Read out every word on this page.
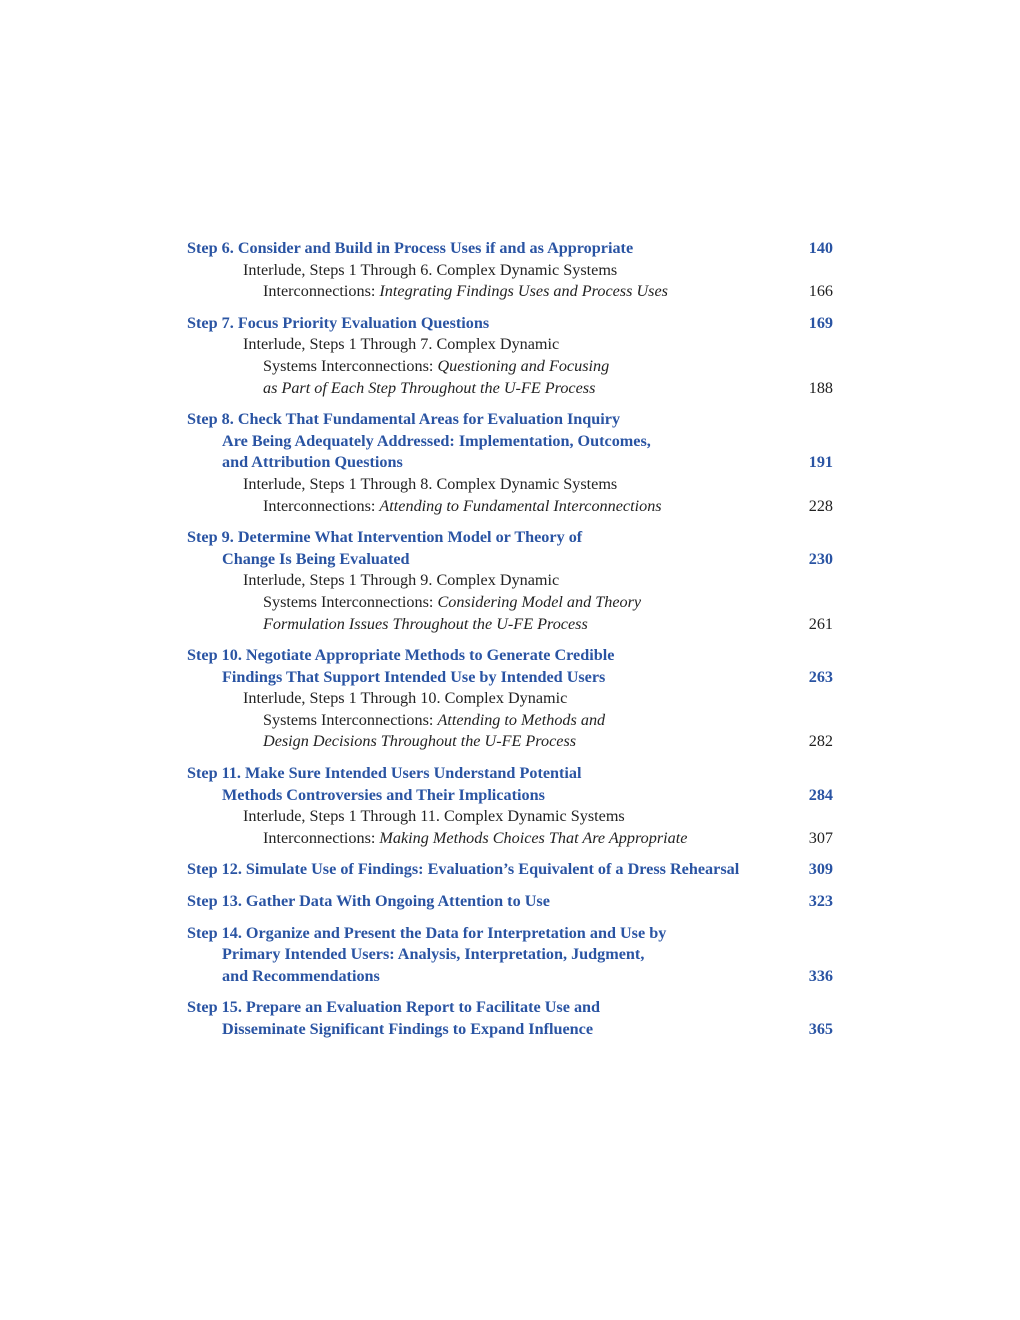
Step 6. Consider and Build in Process Uses if and as Appropriate	140
Interlude, Steps 1 Through 6. Complex Dynamic Systems
Interconnections: Integrating Findings Uses and Process Uses	166
Step 7. Focus Priority Evaluation Questions	169
Interlude, Steps 1 Through 7. Complex Dynamic
Systems Interconnections: Questioning and Focusing
as Part of Each Step Throughout the U-FE Process	188
Step 8. Check That Fundamental Areas for Evaluation Inquiry
Are Being Adequately Addressed: Implementation, Outcomes,
and Attribution Questions	191
Interlude, Steps 1 Through 8. Complex Dynamic Systems
Interconnections: Attending to Fundamental Interconnections	228
Step 9. Determine What Intervention Model or Theory of
Change Is Being Evaluated	230
Interlude, Steps 1 Through 9. Complex Dynamic
Systems Interconnections: Considering Model and Theory
Formulation Issues Throughout the U-FE Process	261
Step 10. Negotiate Appropriate Methods to Generate Credible
Findings That Support Intended Use by Intended Users	263
Interlude, Steps 1 Through 10. Complex Dynamic
Systems Interconnections: Attending to Methods and
Design Decisions Throughout the U-FE Process	282
Step 11. Make Sure Intended Users Understand Potential
Methods Controversies and Their Implications	284
Interlude, Steps 1 Through 11. Complex Dynamic Systems
Interconnections: Making Methods Choices That Are Appropriate	307
Step 12. Simulate Use of Findings: Evaluation’s Equivalent of a Dress Rehearsal	309
Step 13. Gather Data With Ongoing Attention to Use	323
Step 14. Organize and Present the Data for Interpretation and Use by
Primary Intended Users: Analysis, Interpretation, Judgment,
and Recommendations	336
Step 15. Prepare an Evaluation Report to Facilitate Use and
Disseminate Significant Findings to Expand Influence	365
